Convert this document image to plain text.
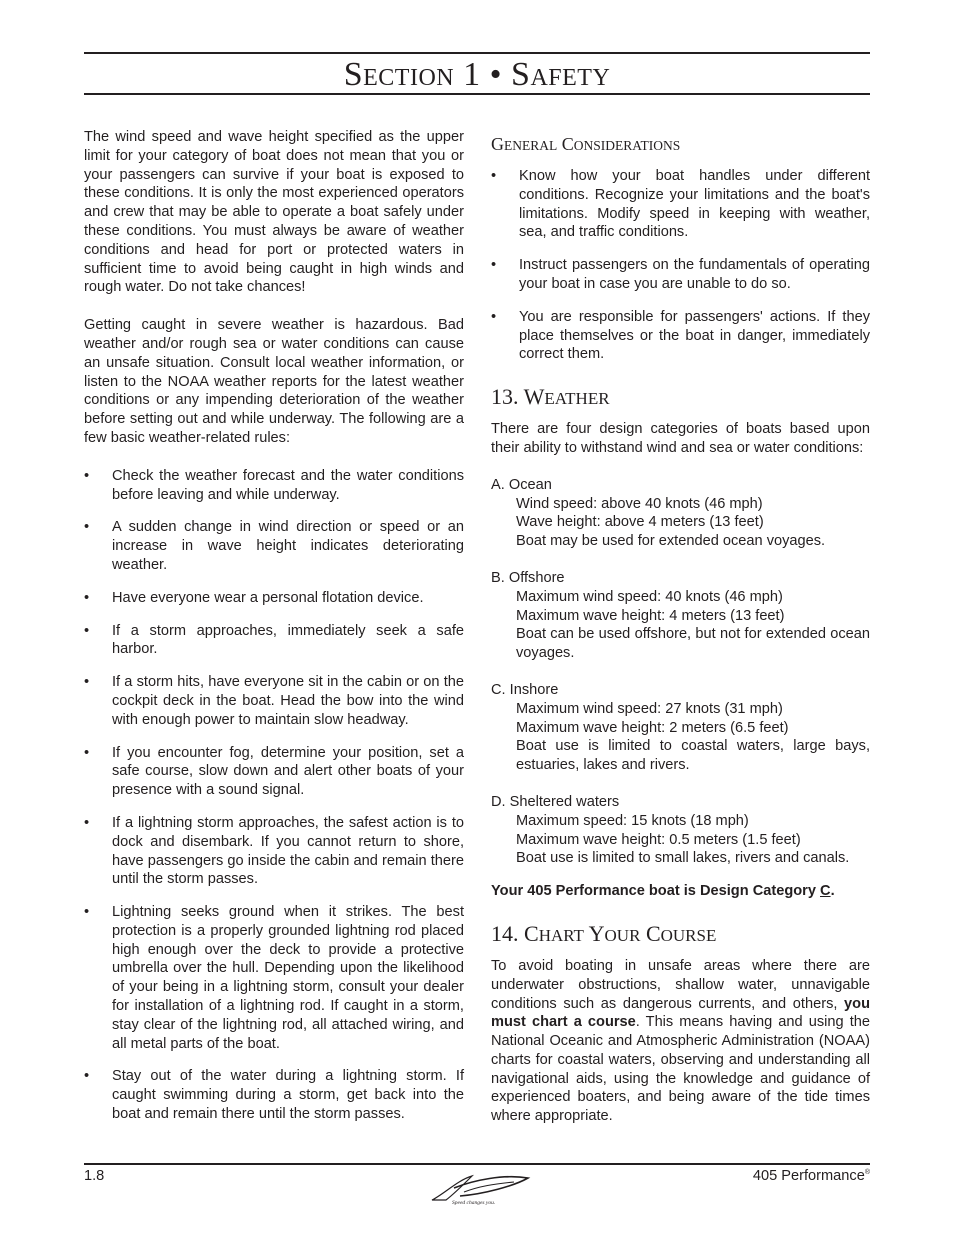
SECTION 1 • SAFETY

The wind speed and wave height specified as the upper limit for your category of boat does not mean that you or your passengers can survive if your boat is exposed to these conditions. It is only the most experienced operators and crew that may be able to operate a boat safely under these conditions. You must always be aware of weather conditions and head for port or protected waters in sufficient time to avoid being caught in high winds and rough water. Do not take chances!

Getting caught in severe weather is hazardous. Bad weather and/or rough sea or water conditions can cause an unsafe situation. Consult local weather information, or listen to the NOAA weather reports for the latest weather conditions or any impending deterioration of the weather before setting out and while underway. The following are a few basic weather-related rules:

• Check the weather forecast and the water conditions before leaving and while underway.
• A sudden change in wind direction or speed or an increase in wave height indicates deteriorating weather.
• Have everyone wear a personal flotation device.
• If a storm approaches, immediately seek a safe harbor.
• If a storm hits, have everyone sit in the cabin or on the cockpit deck in the boat. Head the bow into the wind with enough power to maintain slow headway.
• If you encounter fog, determine your position, set a safe course, slow down and alert other boats of your presence with a sound signal.
• If a lightning storm approaches, the safest action is to dock and disembark. If you cannot return to shore, have passengers go inside the cabin and remain there until the storm passes.
• Lightning seeks ground when it strikes. The best protection is a properly grounded lightning rod placed high enough over the deck to provide a protective umbrella over the hull. Depending upon the likelihood of your being in a lightning storm, consult your dealer for installation of a lightning rod. If caught in a storm, stay clear of the lightning rod, all attached wiring, and all metal parts of the boat.
• Stay out of the water during a lightning storm. If caught swimming during a storm, get back into the boat and remain there until the storm passes.
GENERAL CONSIDERATIONS
• Know how your boat handles under different conditions. Recognize your limitations and the boat's limitations. Modify speed in keeping with weather, sea, and traffic conditions.
• Instruct passengers on the fundamentals of operating your boat in case you are unable to do so.
• You are responsible for passengers' actions. If they place themselves or the boat in danger, immediately correct them.
13. WEATHER

There are four design categories of boats based upon their ability to withstand wind and sea or water conditions:

A. Ocean
Wind speed: above 40 knots (46 mph)
Wave height: above 4 meters (13 feet)
Boat may be used for extended ocean voyages.
B. Offshore
Maximum wind speed: 40 knots (46 mph)
Maximum wave height: 4 meters (13 feet)
Boat can be used offshore, but not for extended ocean voyages.
C. Inshore
Maximum wind speed: 27 knots (31 mph)
Maximum wave height: 2 meters (6.5 feet)
Boat use is limited to coastal waters, large bays, estuaries, lakes and rivers.
D. Sheltered waters
Maximum speed: 15 knots (18 mph)
Maximum wave height: 0.5 meters (1.5 feet)
Boat use is limited to small lakes, rivers and canals.

Your 405 Performance boat is Design Category C.

14. CHART YOUR COURSE

To avoid boating in unsafe areas where there are underwater obstructions, shallow water, unnavigable conditions such as dangerous currents, and others, you must chart a course. This means having and using the National Oceanic and Atmospheric Administration (NOAA) charts for coastal waters, observing and understanding all navigational aids, using the knowledge and guidance of experienced boaters, and being aware of the tide times where appropriate.

1.8	405 Performance®
Speed changes you.
